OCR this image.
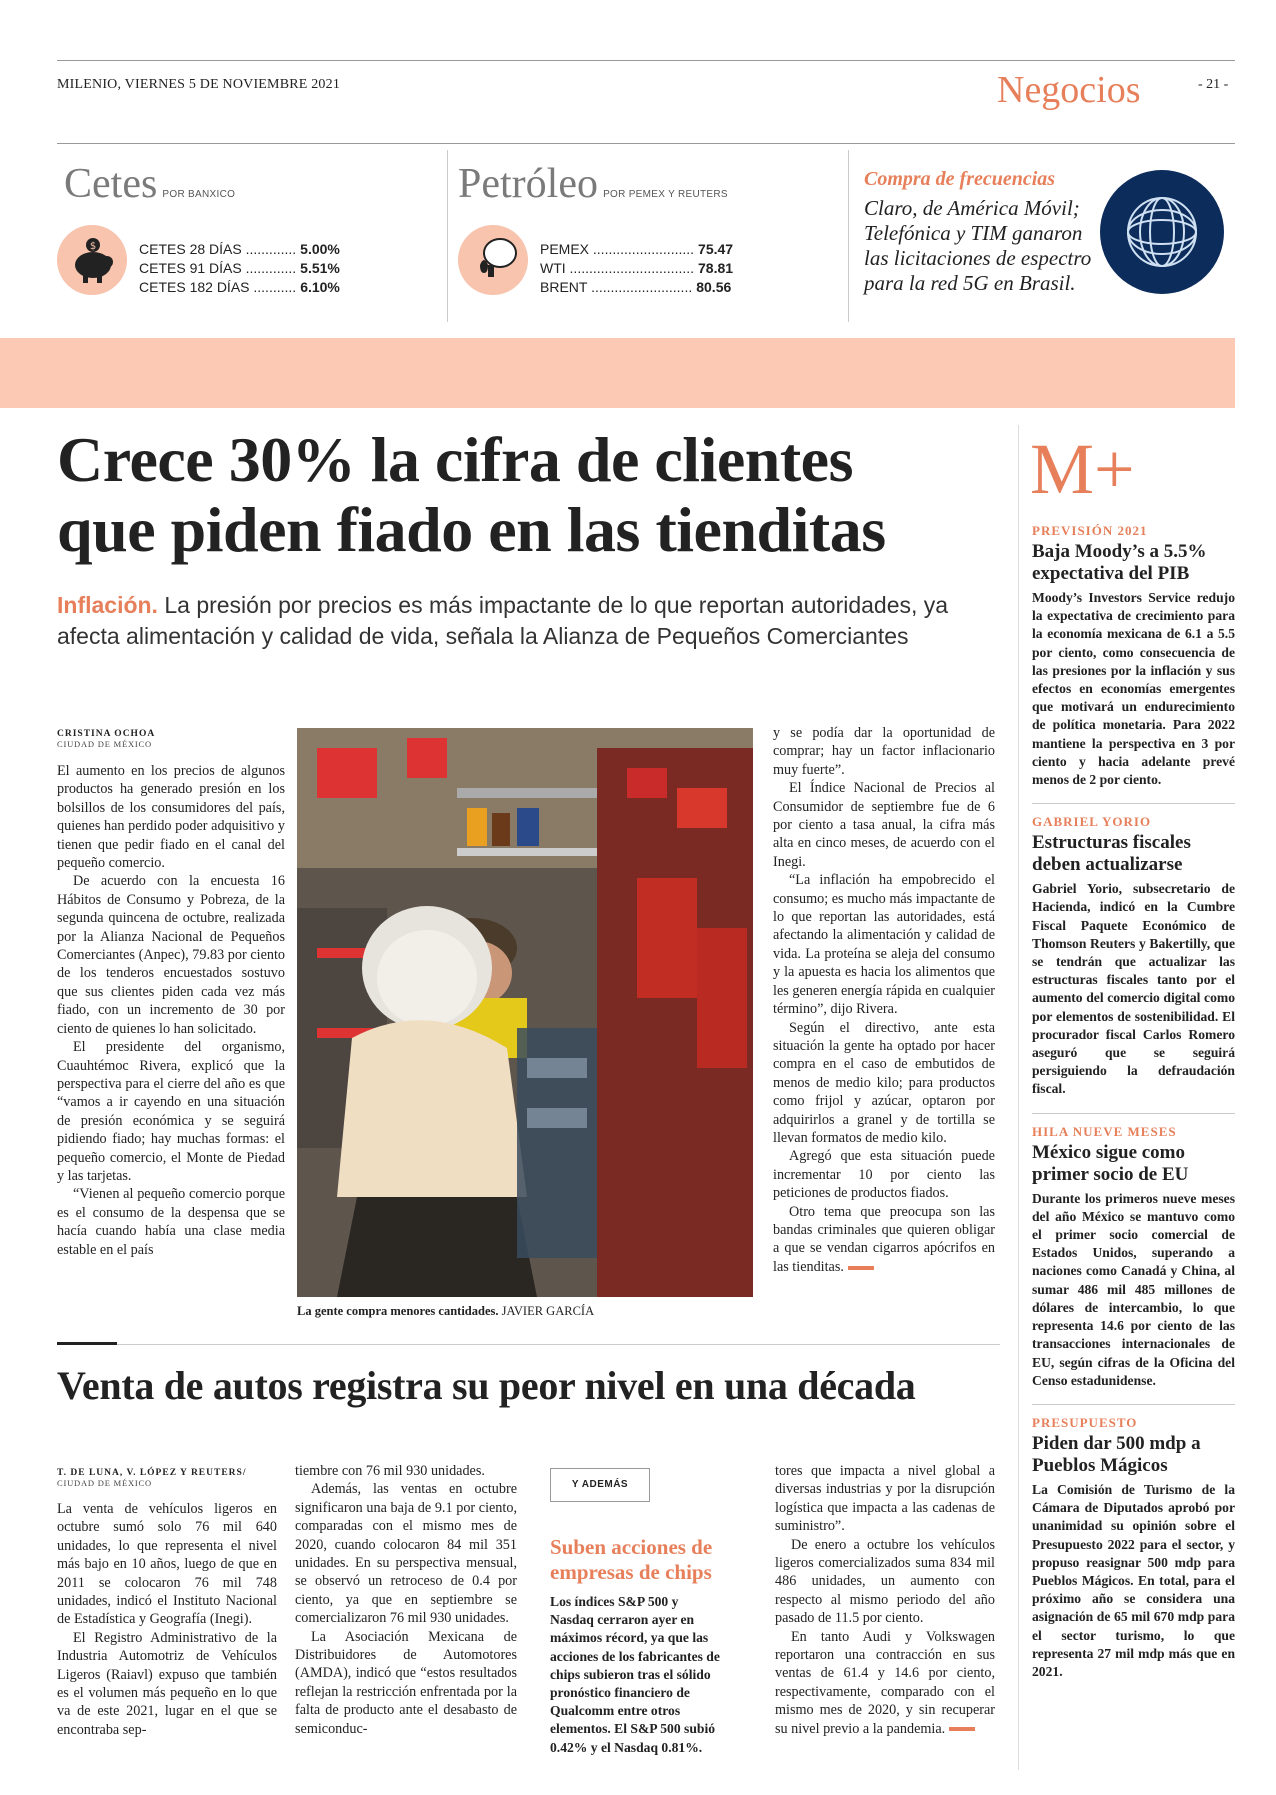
MILENIO, VIERNES 5 DE NOVIEMBRE 2021	Negocios	- 21 -
Cetes POR BANXICO
$	CETES 28 DÍAS ............. 5.00%
CETES 91 DÍAS ............. 5.51%
CETES 182 DÍAS ........... 6.10%
Petróleo POR PEMEX Y REUTERS
PEMEX .......................... 75.47
WTI ................................ 78.81
BRENT .......................... 80.56
Compra de frecuencias
Claro, de América Móvil; Telefónica y TIM ganaron las licitaciones de espectro para la red 5G en Brasil.
Crece 30% la cifra de clientes
que piden fiado en las tienditas
Inflación. La presión por precios es más impactante de lo que reportan autoridades, ya afecta alimentación y calidad de vida, señala la Alianza de Pequeños Comerciantes
CRISTINA OCHOA
CIUDAD DE MÉXICO

El aumento en los precios de algunos productos ha generado presión en los bolsillos de los consumidores del país, quienes han perdido poder adquisitivo y tienen que pedir fiado en el canal del pequeño comercio.

De acuerdo con la encuesta 16 Hábitos de Consumo y Pobreza, de la segunda quincena de octubre, realizada por la Alianza Nacional de Pequeños Comerciantes (Anpec), 79.83 por ciento de los tenderos encuestados sostuvo que sus clientes piden cada vez más fiado, con un incremento de 30 por ciento de quienes lo han solicitado.

El presidente del organismo, Cuauhtémoc Rivera, explicó que la perspectiva para el cierre del año es que “vamos a ir cayendo en una situación de presión económica y se seguirá pidiendo fiado; hay muchas formas: el pequeño comercio, el Monte de Piedad y las tarjetas.

“Vienen al pequeño comercio porque es el consumo de la despensa que se hacía cuando había una clase media estable en el país

La gente compra menores cantidades. JAVIER GARCÍA

y se podía dar la oportunidad de comprar; hay un factor inflacionario muy fuerte”.

El Índice Nacional de Precios al Consumidor de septiembre fue de 6 por ciento a tasa anual, la cifra más alta en cinco meses, de acuerdo con el Inegi.

“La inflación ha empobrecido el consumo; es mucho más impactante de lo que reportan las autoridades, está afectando la alimentación y calidad de vida. La proteína se aleja del consumo y la apuesta es hacia los alimentos que les generen energía rápida en cualquier término”, dijo Rivera.

Según el directivo, ante esta situación la gente ha optado por hacer compra en el caso de embutidos de menos de medio kilo; para productos como frijol y azúcar, optaron por adquirirlos a granel y de tortilla se llevan formatos de medio kilo.

Agregó que esta situación puede incrementar 10 por ciento las peticiones de productos fiados.

Otro tema que preocupa son las bandas criminales que quieren obligar a que se vendan cigarros apócrifos en las tienditas.

M+
PREVISIÓN 2021
Baja Moody’s a 5.5% expectativa del PIB
Moody’s Investors Service redujo la expectativa de crecimiento para la economía mexicana de 6.1 a 5.5 por ciento, como consecuencia de las presiones por la inflación y sus efectos en economías emergentes que motivará un endurecimiento de política monetaria. Para 2022 mantiene la perspectiva en 3 por ciento y hacia adelante prevé menos de 2 por ciento.
GABRIEL YORIO
Estructuras fiscales deben actualizarse
Gabriel Yorio, subsecretario de Hacienda, indicó en la Cumbre Fiscal Paquete Económico de Thomson Reuters y Bakertilly, que se tendrán que actualizar las estructuras fiscales tanto por el aumento del comercio digital como por elementos de sostenibilidad. El procurador fiscal Carlos Romero aseguró que se seguirá persiguiendo la defraudación fiscal.
HILA NUEVE MESES
México sigue como primer socio de EU
Durante los primeros nueve meses del año México se mantuvo como el primer socio comercial de Estados Unidos, superando a naciones como Canadá y China, al sumar 486 mil 485 millones de dólares de intercambio, lo que representa 14.6 por ciento de las transacciones internacionales de EU, según cifras de la Oficina del Censo estadunidense.
PRESUPUESTO
Piden dar 500 mdp a Pueblos Mágicos
La Comisión de Turismo de la Cámara de Diputados aprobó por unanimidad su opinión sobre el Presupuesto 2022 para el sector, y propuso reasignar 500 mdp para Pueblos Mágicos. En total, para el próximo año se considera una asignación de 65 mil 670 mdp para el sector turismo, lo que representa 27 mil mdp más que en 2021.
Venta de autos registra su peor nivel en una década
T. DE LUNA, V. LÓPEZ Y REUTERS/
CIUDAD DE MÉXICO

La venta de vehículos ligeros en octubre sumó solo 76 mil 640 unidades, lo que representa el nivel más bajo en 10 años, luego de que en 2011 se colocaron 76 mil 748 unidades, indicó el Instituto Nacional de Estadística y Geografía (Inegi).

El Registro Administrativo de la Industria Automotriz de Vehículos Ligeros (Raiavl) expuso que también es el volumen más pequeño en lo que va de este 2021, lugar en el que se encontraba sep-

tiembre con 76 mil 930 unidades.

Además, las ventas en octubre significaron una baja de 9.1 por ciento, comparadas con el mismo mes de 2020, cuando colocaron 84 mil 351 unidades. En su perspectiva mensual, se observó un retroceso de 0.4 por ciento, ya que en septiembre se comercializaron 76 mil 930 unidades.

La Asociación Mexicana de Distribuidores de Automotores (AMDA), indicó que “estos resultados reflejan la restricción enfrentada por la falta de producto ante el desabasto de semiconduc-

Y ADEMÁS
Suben acciones de empresas de chips
Los índices S&P 500 y Nasdaq cerraron ayer en máximos récord, ya que las acciones de los fabricantes de chips subieron tras el sólido pronóstico financiero de Qualcomm entre otros elementos. El S&P 500 subió 0.42% y el Nasdaq 0.81%.

tores que impacta a nivel global a diversas industrias y por la disrupción logística que impacta a las cadenas de suministro”.

De enero a octubre los vehículos ligeros comercializados suma 834 mil 486 unidades, un aumento con respecto al mismo periodo del año pasado de 11.5 por ciento.

En tanto Audi y Volkswagen reportaron una contracción en sus ventas de 61.4 y 14.6 por ciento, respectivamente, comparado con el mismo mes de 2020, y sin recuperar su nivel previo a la pandemia.
